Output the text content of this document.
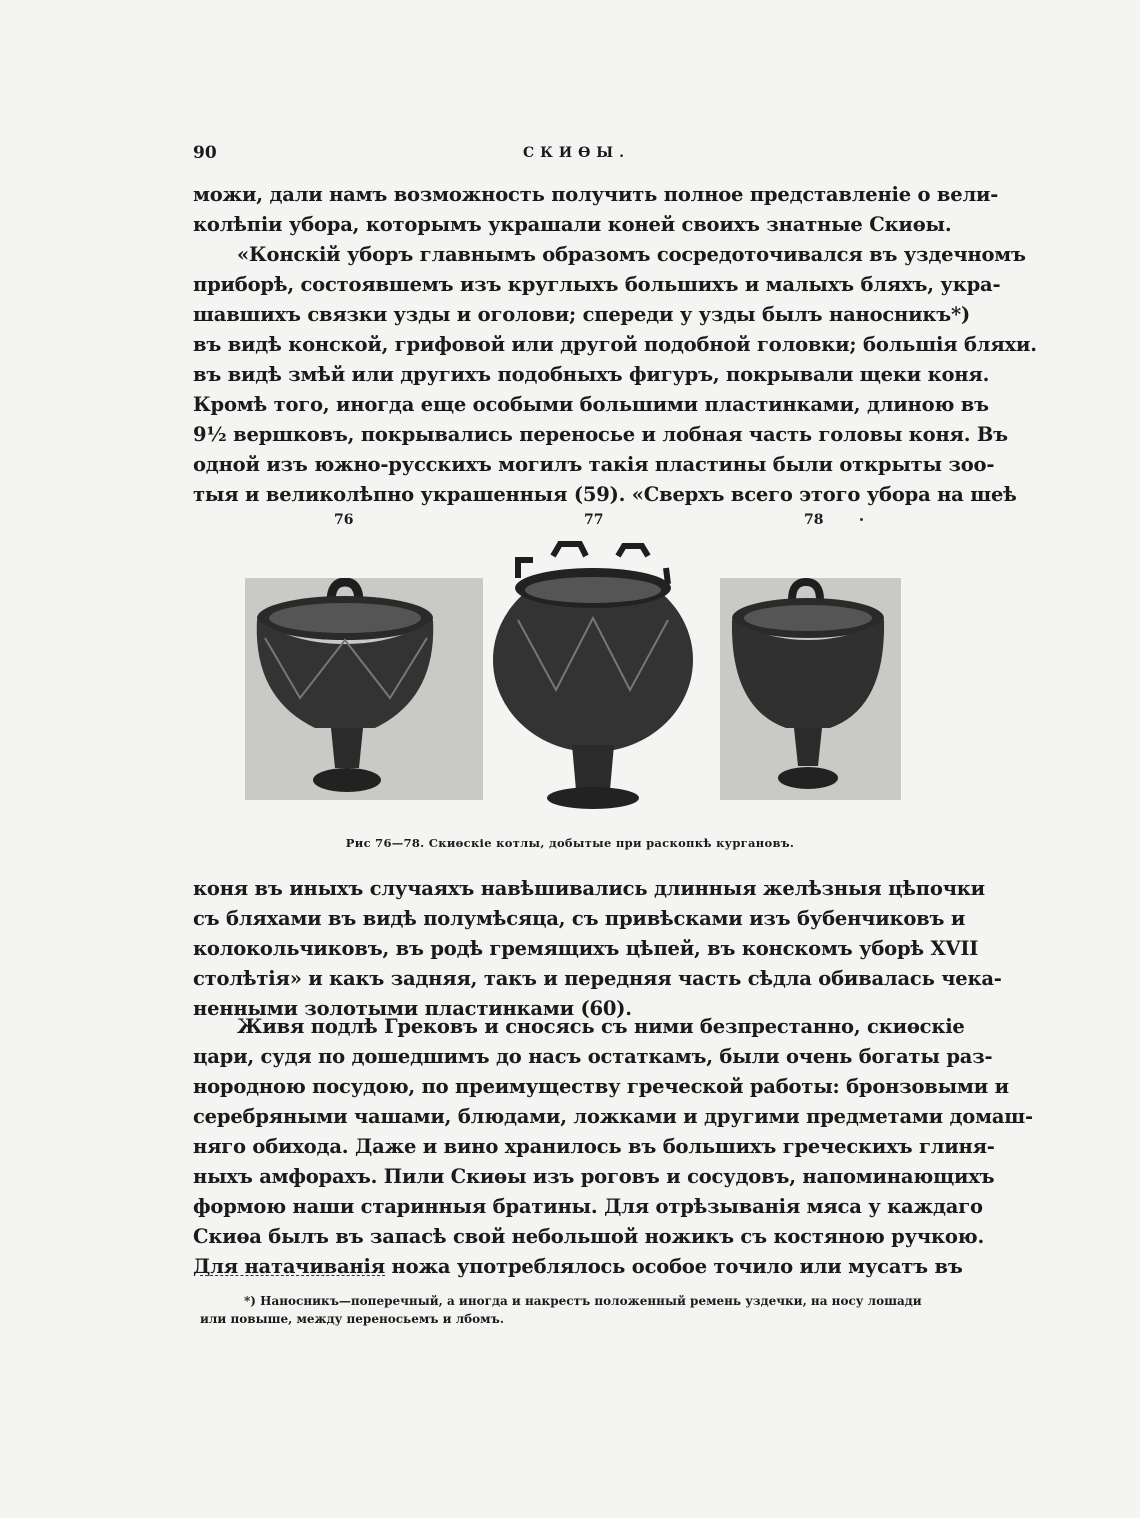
90	СКИӨЫ.
можи, дали намъ возможность получить полное представленіе о вели-
колѣпіи убора, которымъ украшали коней своихъ знатные Скиөы.
«Конскій уборъ главнымъ образомъ сосредоточивался въ уздечномъ
приборѣ, состоявшемъ изъ круглыхъ большихъ и малыхъ бляхъ, укра-
шавшихъ связки узды и оголови; спереди у узды былъ наносникъ*)
въ видѣ конской, грифовой или другой подобной головки; большія бляхи.
въ видѣ змѣй или другихъ подобныхъ фигуръ, покрывали щеки коня.
Кромѣ того, иногда еще особыми большими пластинками, длиною въ
9½ вершковъ, покрывались переносье и лобная часть головы коня. Въ
одной изъ южно-русскихъ могилъ такія пластины были открыты зоо-
тыя и великолѣпно украшенныя (59). «Сверхъ всего этого убора на шеѣ
76	77	78
Рис 76—78. Скиөскіе котлы, добытые при раскопкѣ кургановъ.
коня въ иныхъ случаяхъ навѣшивались длинныя желѣзныя цѣпочки
съ бляхами въ видѣ полумѣсяца, съ привѣсками изъ бубенчиковъ и
колокольчиковъ, въ родѣ гремящихъ цѣпей, въ конскомъ уборѣ XVII
столѣтія» и какъ задняя, такъ и передняя часть сѣдла обивалась чека-
ненными золотыми пластинками (60).
Живя подлѣ Грековъ и сносясь съ ними безпрестанно, скиөскіе
цари, судя по дошедшимъ до насъ остаткамъ, были очень богаты раз-
нородною посудою, по преимуществу греческой работы: бронзовыми и
серебряными чашами, блюдами, ложками и другими предметами домаш-
няго обихода. Даже и вино хранилось въ большихъ греческихъ глиня-
ныхъ амфорахъ. Пили Скиөы изъ роговъ и сосудовъ, напоминающихъ
формою наши старинныя братины. Для отрѣзыванія мяса у каждаго
Скиөа былъ въ запасѣ свой небольшой ножикъ съ костяною ручкою.
Для натачиванія ножа употреблялось особое точило или мусатъ въ
*) Наносникъ—поперечный, а иногда и накрестъ положенный ремень уздечки, на носу лошади
или повыше, между переносьемъ и лбомъ.
